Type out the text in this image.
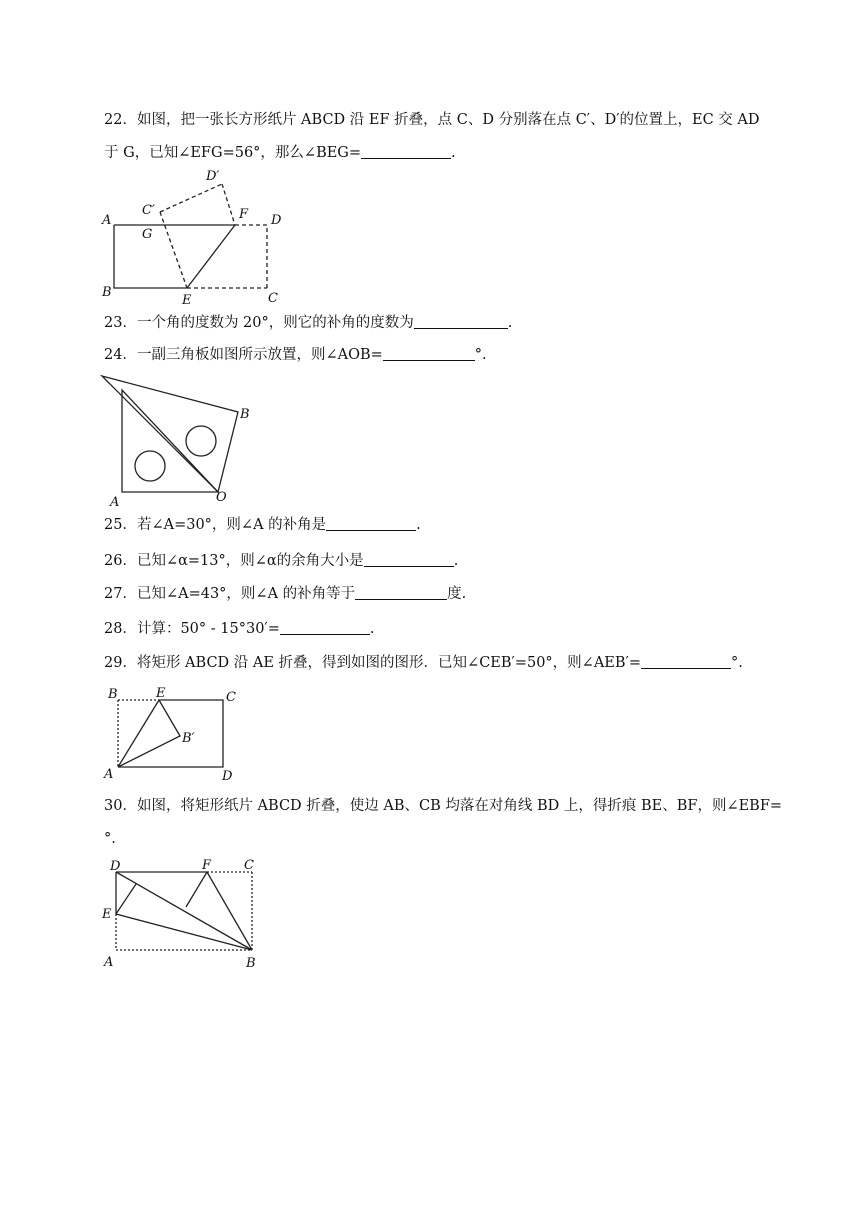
22．如图，把一张长方形纸片 ABCD 沿 EF 折叠，点 C、D 分别落在点 C′、D′的位置上，EC 交 AD
于 G，已知∠EFG=56°，那么∠BEG=	.
A
B	C
D
E
F
G
C′
D′
23．一个角的度数为 20°，则它的补角的度数为	.
24．一副三角板如图所示放置，则∠AOB=	°.
A
B
O
25．若∠A=30°，则∠A 的补角是	.
26．已知∠α=13°，则∠α的余角大小是	.
27．已知∠A=43°，则∠A 的补角等于	度.
28．计算：50° - 15°30′=	.
29．将矩形 ABCD 沿 AE 折叠，得到如图的图形．已知∠CEB′=50°，则∠AEB′=	°.
B	E	C
B′
A	D
30．如图，将矩形纸片 ABCD 折叠，使边 AB、CB 均落在对角线 BD 上，得折痕 BE、BF，则∠EBF=
°.
D	F	C
E
A	B
